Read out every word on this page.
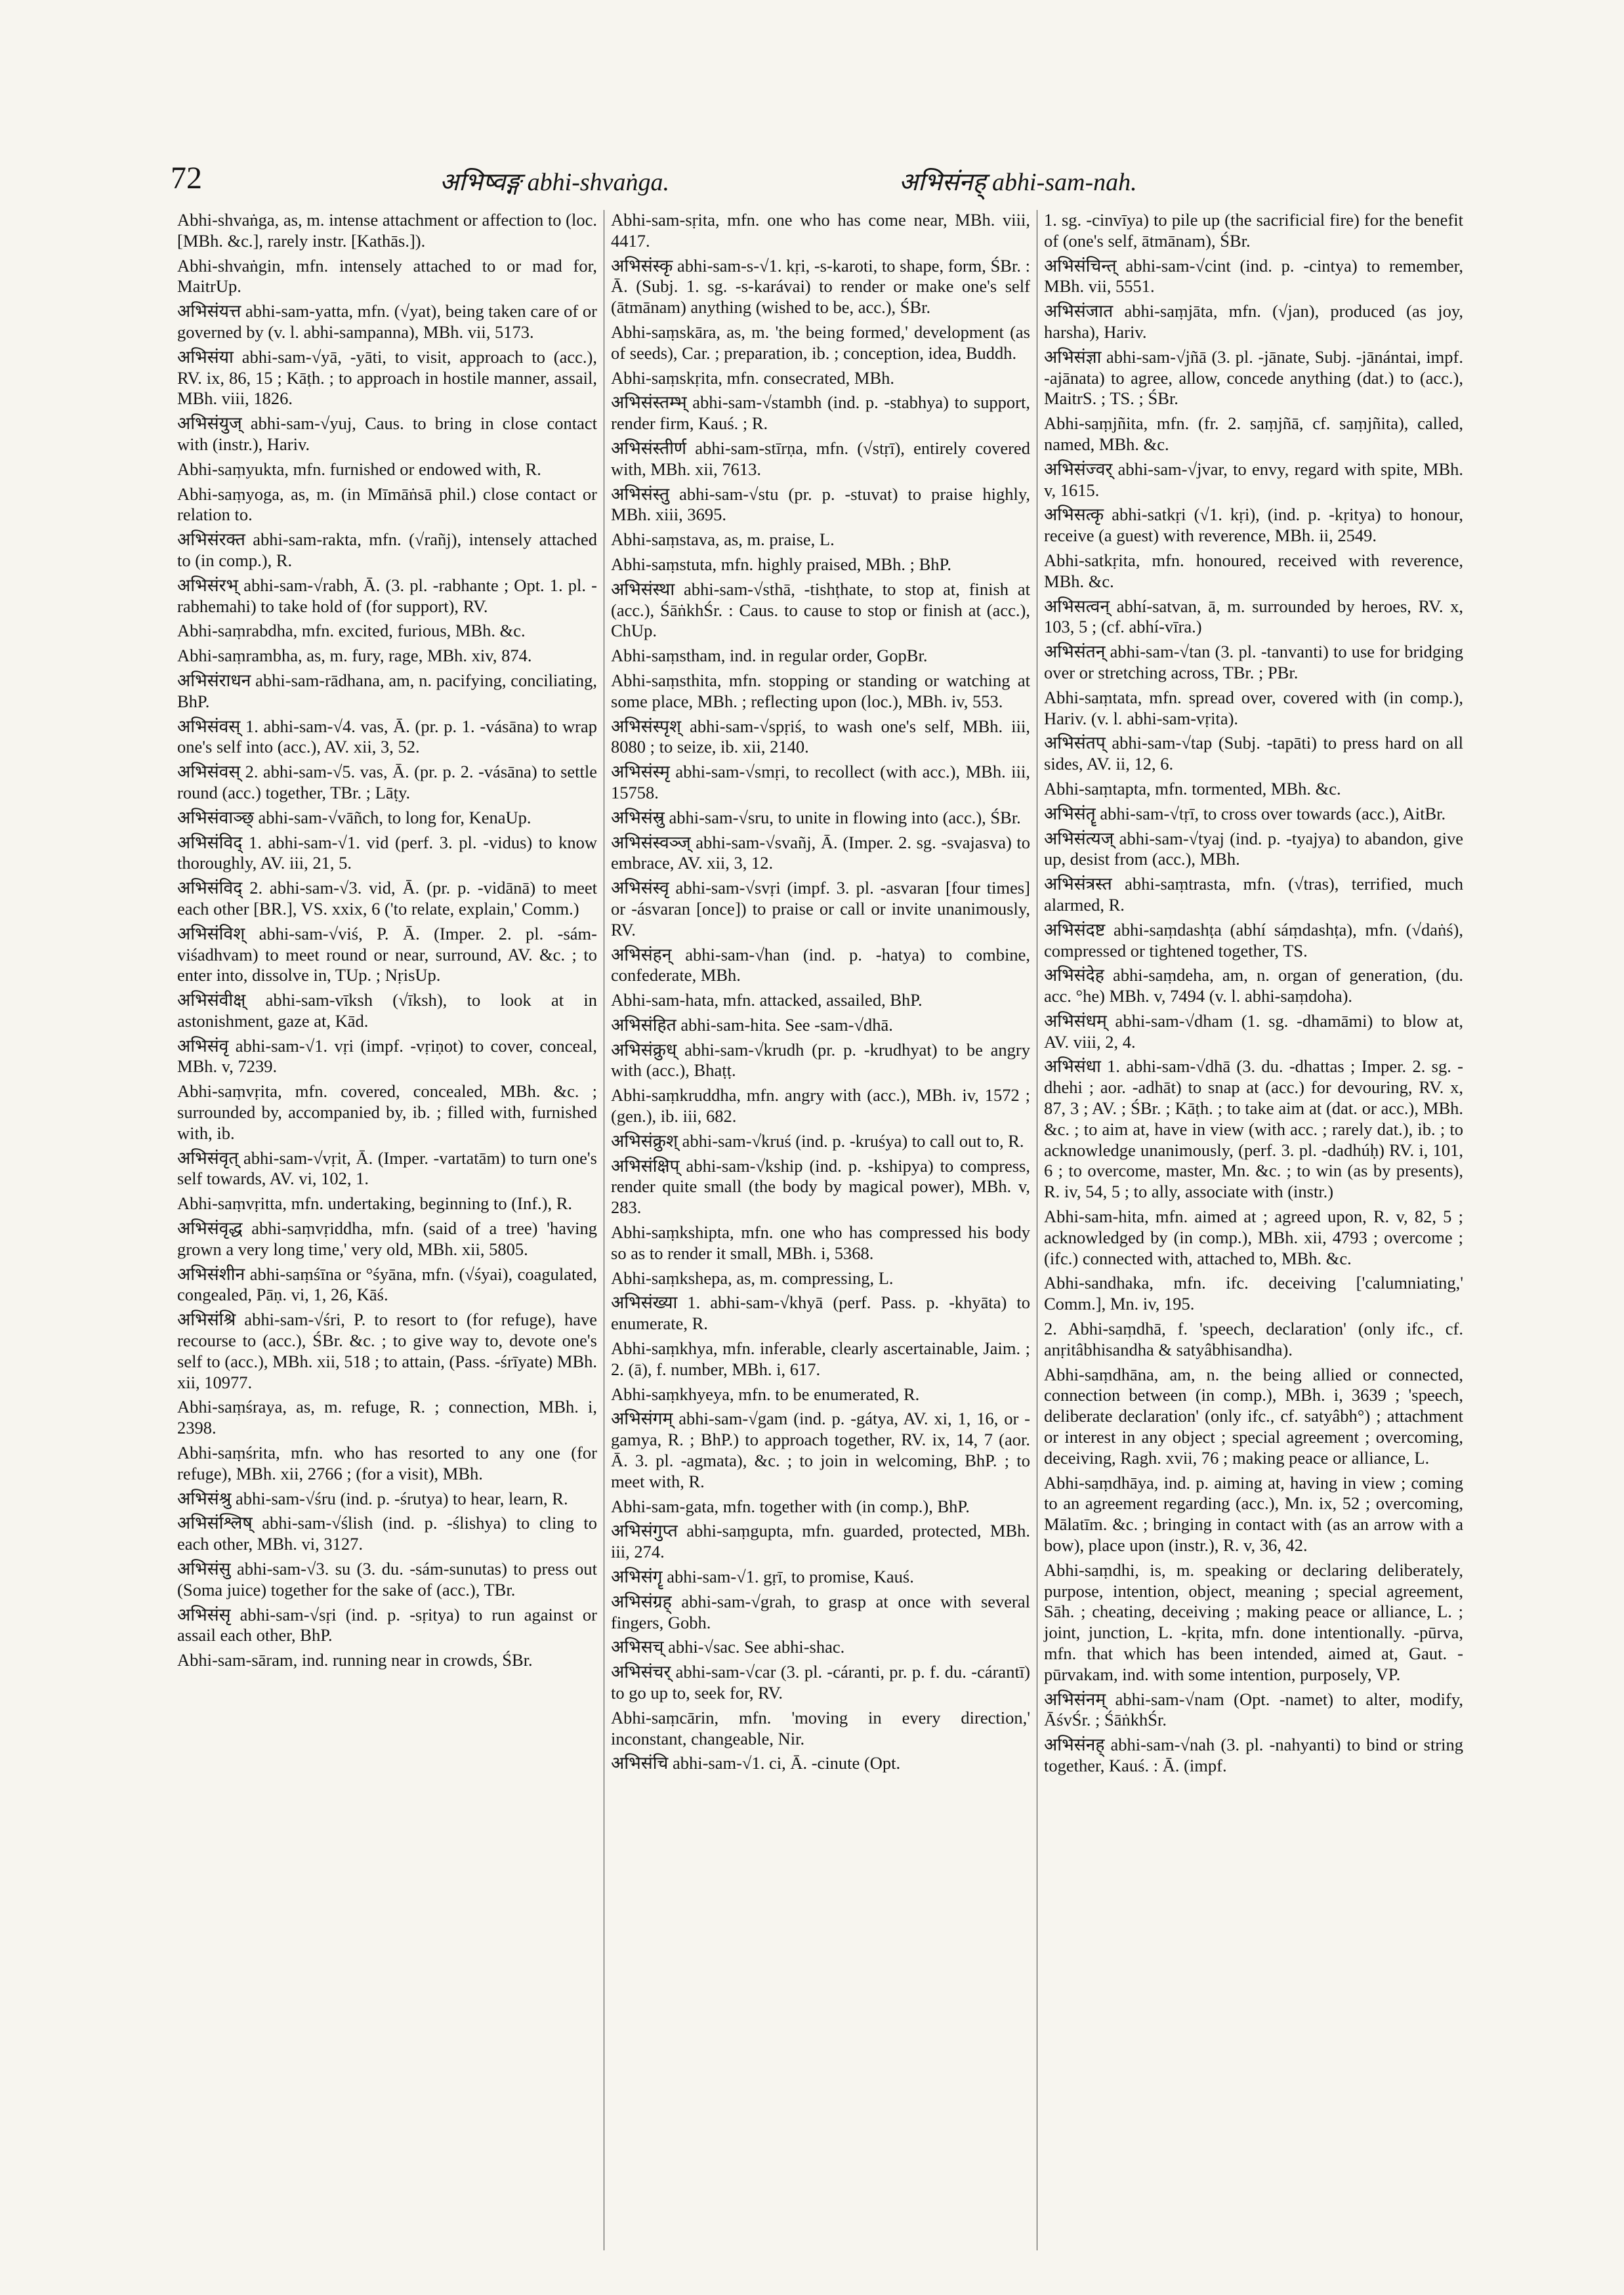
72	अभिष्वङ्ग abhi-shvaṅga.	अभिसंनह् abhi-sam-nah.

Abhi-shvaṅga, as, m. intense attachment or affection to (loc. [MBh. &c.], rarely instr. [Kathās.]).

Abhi-shvaṅgin, mfn. intensely attached to or mad for, MaitrUp.

अभिसंयत्त abhi-sam-yatta, mfn. (√yat), being taken care of or governed by (v. l. abhi-sampanna), MBh. vii, 5173.

अभिसंया abhi-sam-√yā, -yāti, to visit, approach to (acc.), RV. ix, 86, 15 ; Kāṭh. ; to approach in hostile manner, assail, MBh. viii, 1826.

अभिसंयुज् abhi-sam-√yuj, Caus. to bring in close contact with (instr.), Hariv.

Abhi-saṃyukta, mfn. furnished or endowed with, R.

Abhi-saṃyoga, as, m. (in Mīmāṅsā phil.) close contact or relation to.

अभिसंरक्त abhi-sam-rakta, mfn. (√rañj), intensely attached to (in comp.), R.

अभिसंरभ् abhi-sam-√rabh, Ā. (3. pl. -rabhante ; Opt. 1. pl. -rabhemahi) to take hold of (for support), RV.

Abhi-saṃrabdha, mfn. excited, furious, MBh. &c.

Abhi-saṃrambha, as, m. fury, rage, MBh. xiv, 874.

अभिसंराधन abhi-sam-rādhana, am, n. pacifying, conciliating, BhP.

अभिसंवस् 1. abhi-sam-√4. vas, Ā. (pr. p. 1. -vásāna) to wrap one's self into (acc.), AV. xii, 3, 52.

अभिसंवस् 2. abhi-sam-√5. vas, Ā. (pr. p. 2. -vásāna) to settle round (acc.) together, TBr. ; Lāṭy.

अभिसंवाञ्छ् abhi-sam-√vāñch, to long for, KenaUp.

अभिसंविद् 1. abhi-sam-√1. vid (perf. 3. pl. -vidus) to know thoroughly, AV. iii, 21, 5.

अभिसंविद् 2. abhi-sam-√3. vid, Ā. (pr. p. -vidānā) to meet each other [BR.], VS. xxix, 6 ('to relate, explain,' Comm.)

अभिसंविश् abhi-sam-√viś, P. Ā. (Imper. 2. pl. -sám-viśadhvam) to meet round or near, surround, AV. &c. ; to enter into, dissolve in, TUp. ; NṛisUp.

अभिसंवीक्ष् abhi-sam-vīksh (√īksh), to look at in astonishment, gaze at, Kād.

अभिसंवृ abhi-sam-√1. vṛi (impf. -vṛiṇot) to cover, conceal, MBh. v, 7239.

Abhi-saṃvṛita, mfn. covered, concealed, MBh. &c. ; surrounded by, accompanied by, ib. ; filled with, furnished with, ib.

अभिसंवृत् abhi-sam-√vṛit, Ā. (Imper. -vartatām) to turn one's self towards, AV. vi, 102, 1.

Abhi-saṃvṛitta, mfn. undertaking, beginning to (Inf.), R.

अभिसंवृद्ध abhi-saṃvṛiddha, mfn. (said of a tree) 'having grown a very long time,' very old, MBh. xii, 5805.

अभिसंशीन abhi-saṃśīna or °śyāna, mfn. (√śyai), coagulated, congealed, Pāṇ. vi, 1, 26, Kāś.

अभिसंश्रि abhi-sam-√śri, P. to resort to (for refuge), have recourse to (acc.), ŚBr. &c. ; to give way to, devote one's self to (acc.), MBh. xii, 518 ; to attain, (Pass. -śrīyate) MBh. xii, 10977.

Abhi-saṃśraya, as, m. refuge, R. ; connection, MBh. i, 2398.

Abhi-saṃśrita, mfn. who has resorted to any one (for refuge), MBh. xii, 2766 ; (for a visit), MBh.

अभिसंश्रु abhi-sam-√śru (ind. p. -śrutya) to hear, learn, R.

अभिसंश्लिष् abhi-sam-√ślish (ind. p. -ślishya) to cling to each other, MBh. vi, 3127.

अभिसंसु abhi-sam-√3. su (3. du. -sám-sunutas) to press out (Soma juice) together for the sake of (acc.), TBr.

अभिसंसृ abhi-sam-√sṛi (ind. p. -sṛitya) to run against or assail each other, BhP.

Abhi-sam-sāram, ind. running near in crowds, ŚBr.

Abhi-sam-sṛita, mfn. one who has come near, MBh. viii, 4417.

अभिसंस्कृ abhi-sam-s-√1. kṛi, -s-karoti, to shape, form, ŚBr. : Ā. (Subj. 1. sg. -s-karávai) to render or make one's self (ātmānam) anything (wished to be, acc.), ŚBr.

Abhi-saṃskāra, as, m. 'the being formed,' development (as of seeds), Car. ; preparation, ib. ; conception, idea, Buddh.

Abhi-saṃskṛita, mfn. consecrated, MBh.

अभिसंस्तम्भ् abhi-sam-√stambh (ind. p. -stabhya) to support, render firm, Kauś. ; R.

अभिसंस्तीर्ण abhi-sam-stīrṇa, mfn. (√stṛī), entirely covered with, MBh. xii, 7613.

अभिसंस्तु abhi-sam-√stu (pr. p. -stuvat) to praise highly, MBh. xiii, 3695.

Abhi-saṃstava, as, m. praise, L.

Abhi-saṃstuta, mfn. highly praised, MBh. ; BhP.

अभिसंस्था abhi-sam-√sthā, -tishṭhate, to stop at, finish at (acc.), ŚāṅkhŚr. : Caus. to cause to stop or finish at (acc.), ChUp.

Abhi-saṃstham, ind. in regular order, GopBr.

Abhi-saṃsthita, mfn. stopping or standing or watching at some place, MBh. ; reflecting upon (loc.), MBh. iv, 553.

अभिसंस्पृश् abhi-sam-√spṛiś, to wash one's self, MBh. iii, 8080 ; to seize, ib. xii, 2140.

अभिसंस्मृ abhi-sam-√smṛi, to recollect (with acc.), MBh. iii, 15758.

अभिसंस्रु abhi-sam-√sru, to unite in flowing into (acc.), ŚBr.

अभिसंस्वञ्ज् abhi-sam-√svañj, Ā. (Imper. 2. sg. -svajasva) to embrace, AV. xii, 3, 12.

अभिसंस्वृ abhi-sam-√svṛi (impf. 3. pl. -asvaran [four times] or -ásvaran [once]) to praise or call or invite unanimously, RV.

अभिसंहन् abhi-sam-√han (ind. p. -hatya) to combine, confederate, MBh.

Abhi-sam-hata, mfn. attacked, assailed, BhP.

अभिसंहित abhi-sam-hita. See -sam-√dhā.

अभिसंक्रुध् abhi-sam-√krudh (pr. p. -krudhyat) to be angry with (acc.), Bhaṭṭ.

Abhi-saṃkruddha, mfn. angry with (acc.), MBh. iv, 1572 ; (gen.), ib. iii, 682.

अभिसंक्रुश् abhi-sam-√kruś (ind. p. -kruśya) to call out to, R.

अभिसंक्षिप् abhi-sam-√kship (ind. p. -kshipya) to compress, render quite small (the body by magical power), MBh. v, 283.

Abhi-saṃkshipta, mfn. one who has compressed his body so as to render it small, MBh. i, 5368.

Abhi-saṃkshepa, as, m. compressing, L.

अभिसंख्या 1. abhi-sam-√khyā (perf. Pass. p. -khyāta) to enumerate, R.

Abhi-saṃkhya, mfn. inferable, clearly ascertainable, Jaim. ; 2. (ā), f. number, MBh. i, 617.

Abhi-saṃkhyeya, mfn. to be enumerated, R.

अभिसंगम् abhi-sam-√gam (ind. p. -gátya, AV. xi, 1, 16, or -gamya, R. ; BhP.) to approach together, RV. ix, 14, 7 (aor. Ā. 3. pl. -agmata), &c. ; to join in welcoming, BhP. ; to meet with, R.

Abhi-sam-gata, mfn. together with (in comp.), BhP.

अभिसंगुप्त abhi-saṃgupta, mfn. guarded, protected, MBh. iii, 274.

अभिसंगॄ abhi-sam-√1. gṛī, to promise, Kauś.

अभिसंग्रह् abhi-sam-√grah, to grasp at once with several fingers, Gobh.

अभिसच् abhi-√sac. See abhi-shac.

अभिसंचर् abhi-sam-√car (3. pl. -cáranti, pr. p. f. du. -cárantī) to go up to, seek for, RV.

Abhi-saṃcārin, mfn. 'moving in every direction,' inconstant, changeable, Nir.

अभिसंचि abhi-sam-√1. ci, Ā. -cinute (Opt.

1. sg. -cinvīya) to pile up (the sacrificial fire) for the benefit of (one's self, ātmānam), ŚBr.

अभिसंचिन्त् abhi-sam-√cint (ind. p. -cintya) to remember, MBh. vii, 5551.

अभिसंजात abhi-saṃjāta, mfn. (√jan), produced (as joy, harsha), Hariv.

अभिसंज्ञा abhi-sam-√jñā (3. pl. -jānate, Subj. -jānántai, impf. -ajānata) to agree, allow, concede anything (dat.) to (acc.), MaitrS. ; TS. ; ŚBr.

Abhi-saṃjñita, mfn. (fr. 2. saṃjñā, cf. saṃjñita), called, named, MBh. &c.

अभिसंज्वर् abhi-sam-√jvar, to envy, regard with spite, MBh. v, 1615.

अभिसत्कृ abhi-satkṛi (√1. kṛi), (ind. p. -kṛitya) to honour, receive (a guest) with reverence, MBh. ii, 2549.

Abhi-satkṛita, mfn. honoured, received with reverence, MBh. &c.

अभिसत्वन् abhí-satvan, ā, m. surrounded by heroes, RV. x, 103, 5 ; (cf. abhí-vīra.)

अभिसंतन् abhi-sam-√tan (3. pl. -tanvanti) to use for bridging over or stretching across, TBr. ; PBr.

Abhi-saṃtata, mfn. spread over, covered with (in comp.), Hariv. (v. l. abhi-sam-vṛita).

अभिसंतप् abhi-sam-√tap (Subj. -tapāti) to press hard on all sides, AV. ii, 12, 6.

Abhi-saṃtapta, mfn. tormented, MBh. &c.

अभिसंतॄ abhi-sam-√tṛī, to cross over towards (acc.), AitBr.

अभिसंत्यज् abhi-sam-√tyaj (ind. p. -tyajya) to abandon, give up, desist from (acc.), MBh.

अभिसंत्रस्त abhi-saṃtrasta, mfn. (√tras), terrified, much alarmed, R.

अभिसंदष्ट abhi-saṃdashṭa (abhí sáṃdashṭa), mfn. (√daṅś), compressed or tightened together, TS.

अभिसंदेह abhi-saṃdeha, am, n. organ of generation, (du. acc. °he) MBh. v, 7494 (v. l. abhi-saṃdoha).

अभिसंधम् abhi-sam-√dham (1. sg. -dhamāmi) to blow at, AV. viii, 2, 4.

अभिसंधा 1. abhi-sam-√dhā (3. du. -dhattas ; Imper. 2. sg. -dhehi ; aor. -adhāt) to snap at (acc.) for devouring, RV. x, 87, 3 ; AV. ; ŚBr. ; Kāṭh. ; to take aim at (dat. or acc.), MBh. &c. ; to aim at, have in view (with acc. ; rarely dat.), ib. ; to acknowledge unanimously, (perf. 3. pl. -dadhúḥ) RV. i, 101, 6 ; to overcome, master, Mn. &c. ; to win (as by presents), R. iv, 54, 5 ; to ally, associate with (instr.)

Abhi-sam-hita, mfn. aimed at ; agreed upon, R. v, 82, 5 ; acknowledged by (in comp.), MBh. xii, 4793 ; overcome ; (ifc.) connected with, attached to, MBh. &c.

Abhi-sandhaka, mfn. ifc. deceiving ['calumniating,' Comm.], Mn. iv, 195.

2. Abhi-saṃdhā, f. 'speech, declaration' (only ifc., cf. anṛitâbhisandha & satyâbhisandha).

Abhi-saṃdhāna, am, n. the being allied or connected, connection between (in comp.), MBh. i, 3639 ; 'speech, deliberate declaration' (only ifc., cf. satyâbh°) ; attachment or interest in any object ; special agreement ; overcoming, deceiving, Ragh. xvii, 76 ; making peace or alliance, L.

Abhi-saṃdhāya, ind. p. aiming at, having in view ; coming to an agreement regarding (acc.), Mn. ix, 52 ; overcoming, Mālatīm. &c. ; bringing in contact with (as an arrow with a bow), place upon (instr.), R. v, 36, 42.

Abhi-saṃdhi, is, m. speaking or declaring deliberately, purpose, intention, object, meaning ; special agreement, Sāh. ; cheating, deceiving ; making peace or alliance, L. ; joint, junction, L. -kṛita, mfn. done intentionally. -pūrva, mfn. that which has been intended, aimed at, Gaut. -pūrvakam, ind. with some intention, purposely, VP.

अभिसंनम् abhi-sam-√nam (Opt. -namet) to alter, modify, ĀśvŚr. ; ŚāṅkhŚr.

अभिसंनह् abhi-sam-√nah (3. pl. -nahyanti) to bind or string together, Kauś. : Ā. (impf.
